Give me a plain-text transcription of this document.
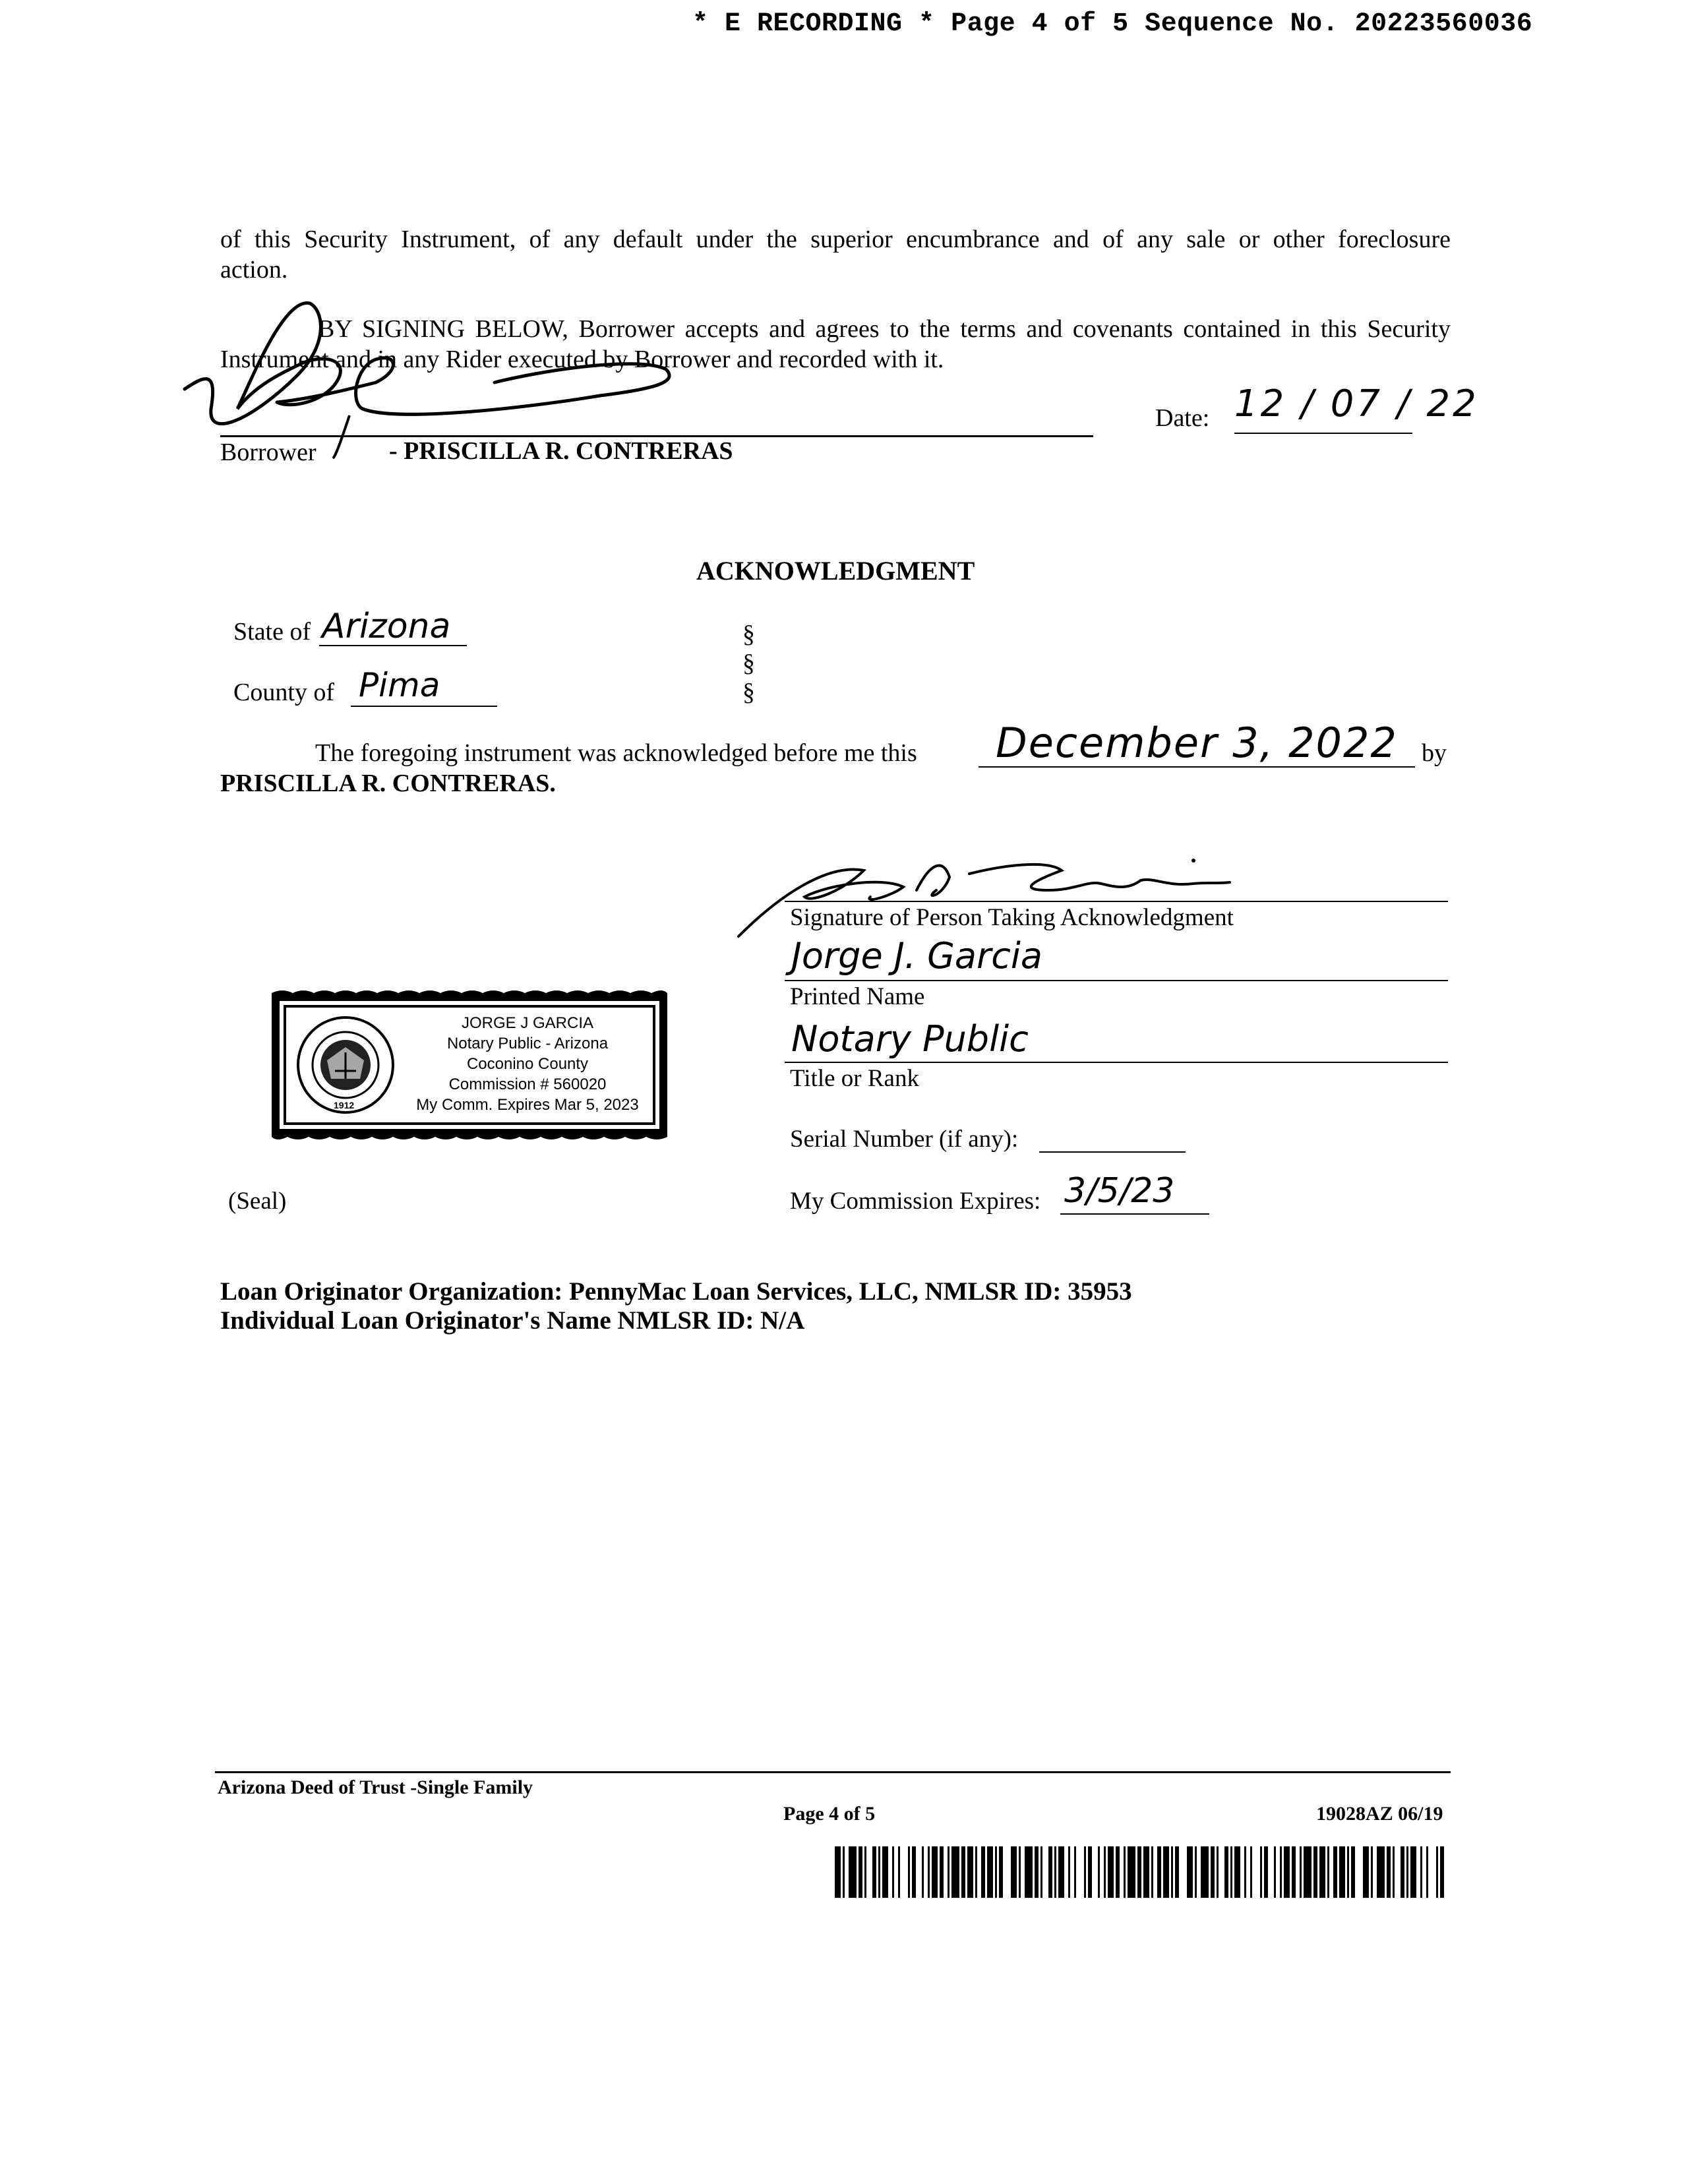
* E RECORDING * Page 4 of 5 Sequence No. 20223560036
of this Security Instrument, of any default under the superior encumbrance and of any sale or other foreclosure
action.
BY SIGNING BELOW, Borrower accepts and agrees to the terms and covenants contained in this Security
Instrument and in any Rider executed by Borrower and recorded with it.
Borrower	- PRISCILLA R. CONTRERAS
Date: 12 / 07 / 22
ACKNOWLEDGMENT
State of Arizona
County of Pima
§
§
§
The foregoing instrument was acknowledged before me this December 3, 2022 by
PRISCILLA R. CONTRERAS.
Signature of Person Taking Acknowledgment
Jorge J. Garcia
Printed Name
Notary Public
Title or Rank
Serial Number (if any):
My Commission Expires: 3/5/23
1912
JORGE J GARCIA
Notary Public - Arizona
Coconino County
Commission # 560020
My Comm. Expires Mar 5, 2023
(Seal)
Loan Originator Organization: PennyMac Loan Services, LLC, NMLSR ID: 35953
Individual Loan Originator's Name NMLSR ID: N/A
Arizona Deed of Trust -Single Family
Page 4 of 5	19028AZ 06/19
